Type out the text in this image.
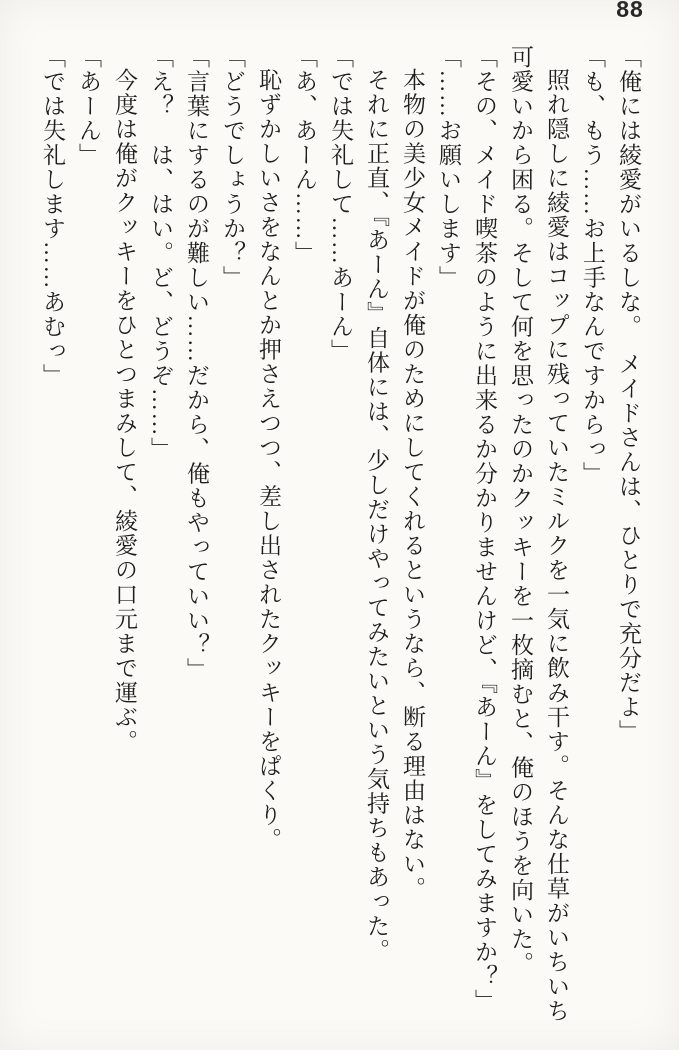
88

「俺には綾愛がいるしな。　メイドさんは、ひとりで充分だよ」

「も、もう……お上手なんですからっ」

照れ隠しに綾愛はコップに残っていたミルクを一気に飲み干す。そんな仕草がいちいち可愛いから困る。そして何を思ったのかクッキーを一枚摘むと、俺のほうを向いた。

「その、メイド喫茶のように出来るか分かりませんけど、『あーん』をしてみますか？」

「……お願いします」

本物の美少女メイドが俺のためにしてくれるというなら、断る理由はない。

それに正直、『あーん』自体には、少しだけやってみたいという気持ちもあった。

「では失礼して……あーん」

「あ、あーん……」

恥ずかしいさをなんとか押さえつつ、差し出されたクッキーをぱくり。

「どうでしょうか？」

「言葉にするのが難しい……だから、俺もやっていい？」

「え？　は、はい。ど、どうぞ……」

今度は俺がクッキーをひとつまみして、綾愛の口元まで運ぶ。

「あーん」

「では失礼します……あむっ」
